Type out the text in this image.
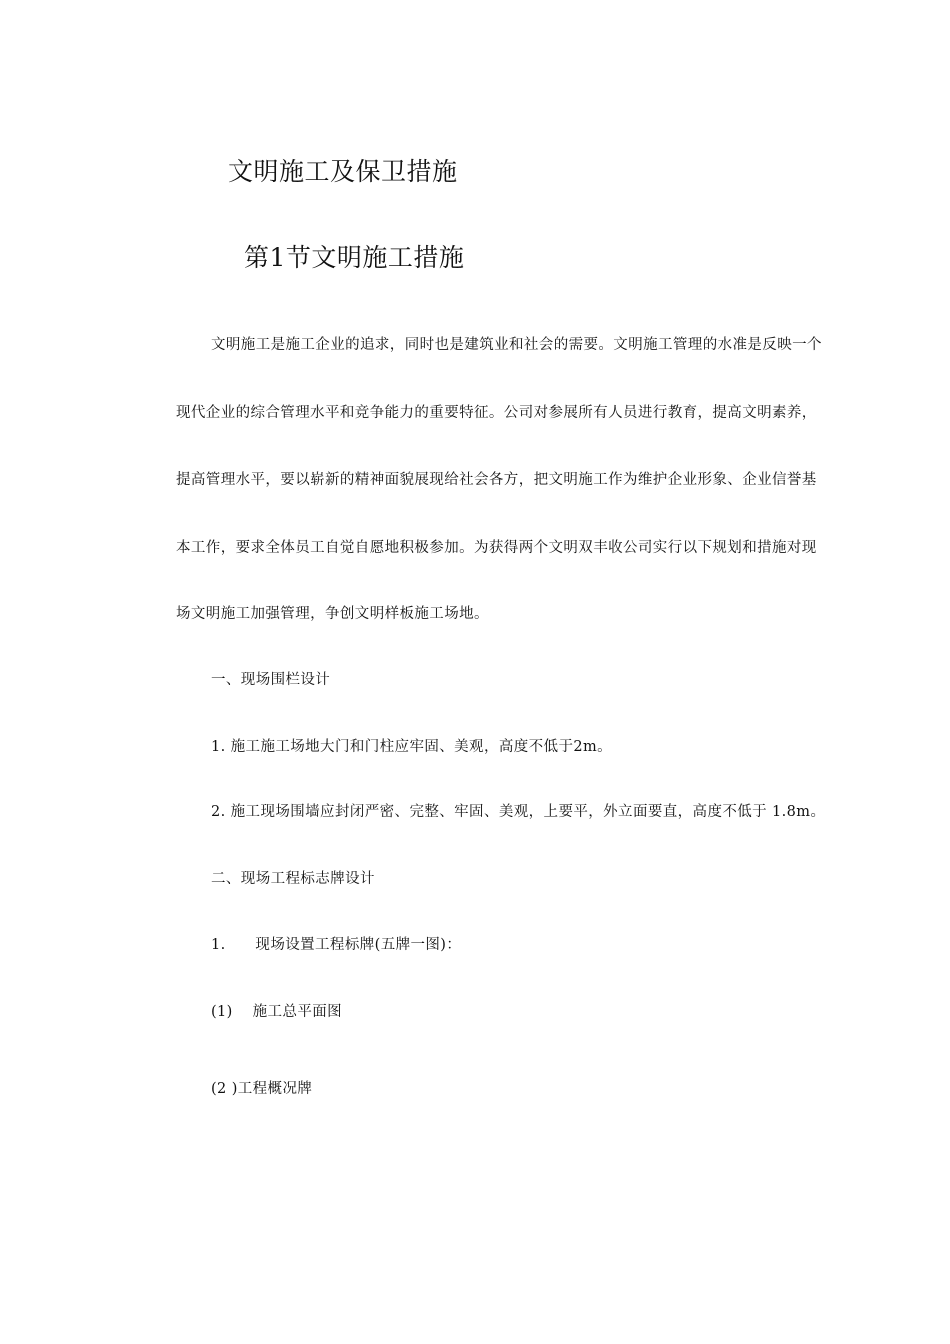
文明施工及保卫措施
第1节文明施工措施
文明施工是施工企业的追求，同时也是建筑业和社会的需要。文明施工管理的水准是反映一个
现代企业的综合管理水平和竞争能力的重要特征。公司对参展所有人员进行教育，提高文明素养，
提高管理水平，要以崭新的精神面貌展现给社会各方，把文明施工作为维护企业形象、企业信誉基
本工作，要求全体员工自觉自愿地积极参加。为获得两个文明双丰收公司实行以下规划和措施对现
场文明施工加强管理，争创文明样板施工场地。
一、现场围栏设计
1. 施工施工场地大门和门柱应牢固、美观，高度不低于2m。
2. 施工现场围墙应封闭严密、完整、牢固、美观，上要平，外立面要直，高度不低于 1.8m。
二、现场工程标志牌设计
1.　　现场设置工程标牌(五牌一图)：
(1)　 施工总平面图
(2 )工程概况牌
